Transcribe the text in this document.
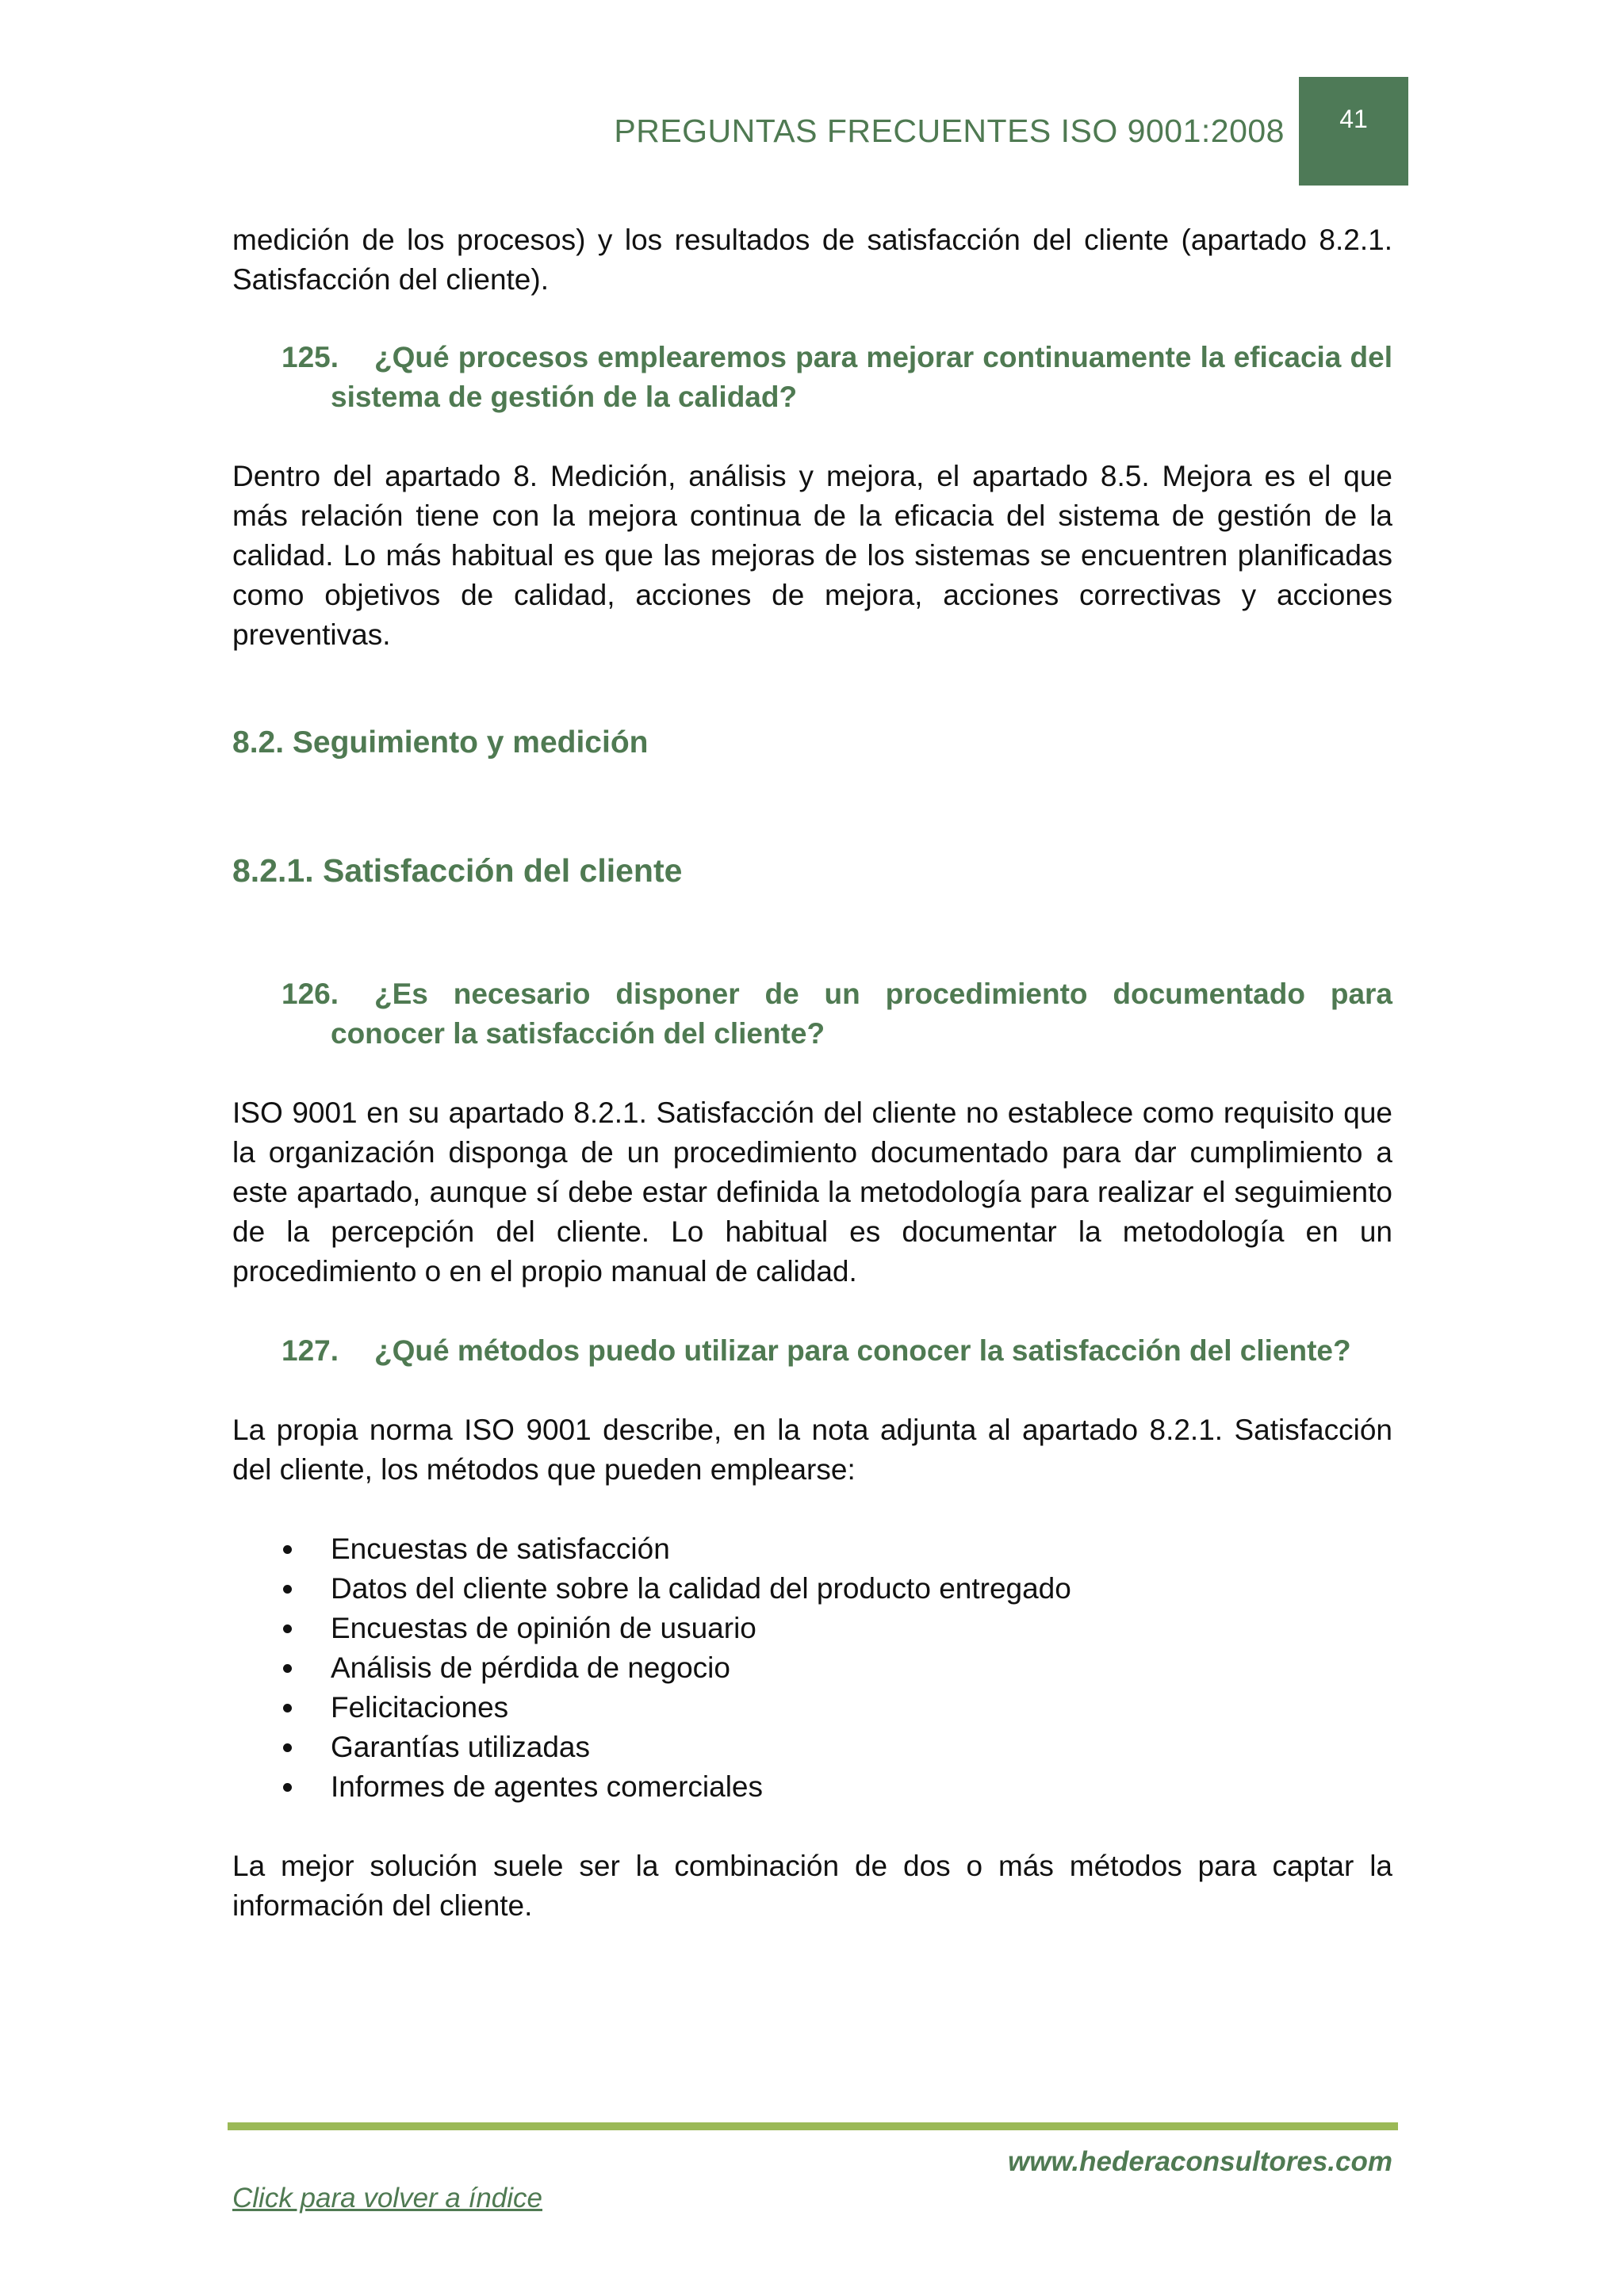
PREGUNTAS FRECUENTES ISO 9001:2008 41

medición de los procesos) y los resultados de satisfacción del cliente (apartado 8.2.1. Satisfacción del cliente).

125. ¿Qué procesos emplearemos para mejorar continuamente la eficacia del sistema de gestión de la calidad?

Dentro del apartado 8. Medición, análisis y mejora, el apartado 8.5. Mejora es el que más relación tiene con la mejora continua de la eficacia del sistema de gestión de la calidad. Lo más habitual es que las mejoras de los sistemas se encuentren planificadas como objetivos de calidad, acciones de mejora, acciones correctivas y acciones preventivas.

8.2. Seguimiento y medición
8.2.1. Satisfacción del cliente

126. ¿Es necesario disponer de un procedimiento documentado para conocer la satisfacción del cliente?

ISO 9001 en su apartado 8.2.1. Satisfacción del cliente no establece como requisito que la organización disponga de un procedimiento documentado para dar cumplimiento a este apartado, aunque sí debe estar definida la metodología para realizar el seguimiento de la percepción del cliente. Lo habitual es documentar la metodología en un procedimiento o en el propio manual de calidad.

127. ¿Qué métodos puedo utilizar para conocer la satisfacción del cliente?

La propia norma ISO 9001 describe, en la nota adjunta al apartado 8.2.1. Satisfacción del cliente, los métodos que pueden emplearse:

Encuestas de satisfacción
Datos del cliente sobre la calidad del producto entregado
Encuestas de opinión de usuario
Análisis de pérdida de negocio
Felicitaciones
Garantías utilizadas
Informes de agentes comerciales

La mejor solución suele ser la combinación de dos o más métodos para captar la información del cliente.

www.hederaconsultores.com
Click para volver a índice
